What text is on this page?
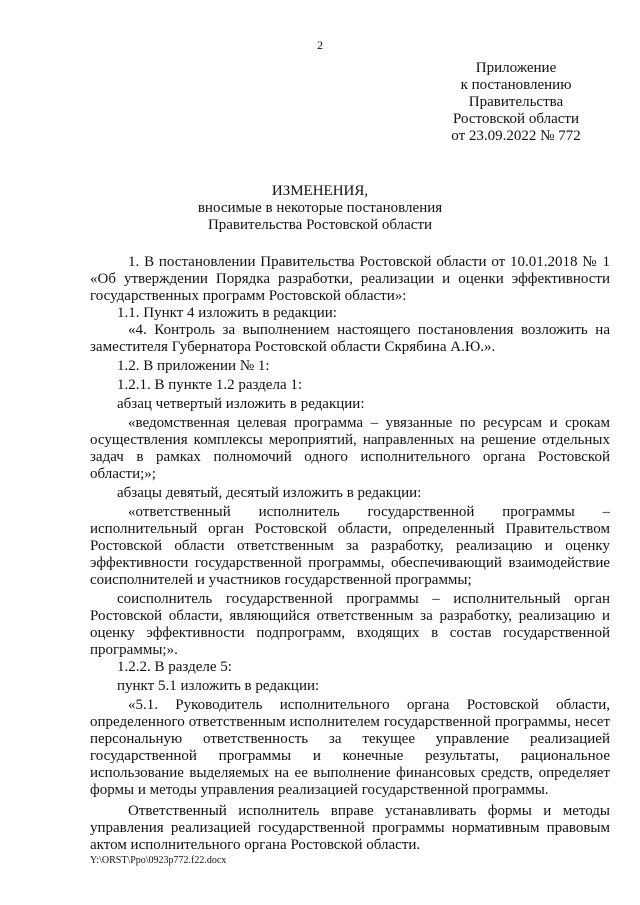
2
Приложение
к постановлению
Правительства
Ростовской области
от 23.09.2022 № 772
ИЗМЕНЕНИЯ,
вносимые в некоторые постановления
Правительства Ростовской области

1. В постановлении Правительства Ростовской области от 10.01.2018 № 1 «Об утверждении Порядка разработки, реализации и оценки эффективности государственных программ Ростовской области»:

1.1. Пункт 4 изложить в редакции:

«4. Контроль за выполнением настоящего постановления возложить на заместителя Губернатора Ростовской области Скрябина А.Ю.».

1.2. В приложении № 1:

1.2.1. В пункте 1.2 раздела 1:

абзац четвертый изложить в редакции:

«ведомственная целевая программа – увязанные по ресурсам и срокам осуществления комплексы мероприятий, направленных на решение отдельных задач в рамках полномочий одного исполнительного органа Ростовской области;»;

абзацы девятый, десятый изложить в редакции:

«ответственный исполнитель государственной программы – исполнительный орган Ростовской области, определенный Правительством Ростовской области ответственным за разработку, реализацию и оценку эффективности государственной программы, обеспечивающий взаимодействие соисполнителей и участников государственной программы;

соисполнитель государственной программы – исполнительный орган Ростовской области, являющийся ответственным за разработку, реализацию и оценку эффективности подпрограмм, входящих в состав государственной программы;».

1.2.2. В разделе 5:

пункт 5.1 изложить в редакции:

«5.1. Руководитель исполнительного органа Ростовской области, определенного ответственным исполнителем государственной программы, несет персональную ответственность за текущее управление реализацией государственной программы и конечные результаты, рациональное использование выделяемых на ее выполнение финансовых средств, определяет формы и методы управления реализацией государственной программы.

Ответственный исполнитель вправе устанавливать формы и методы управления реализацией государственной программы нормативным правовым актом исполнительного органа Ростовской области.

Y:\ORST\Ppo\0923p772.f22.docx
